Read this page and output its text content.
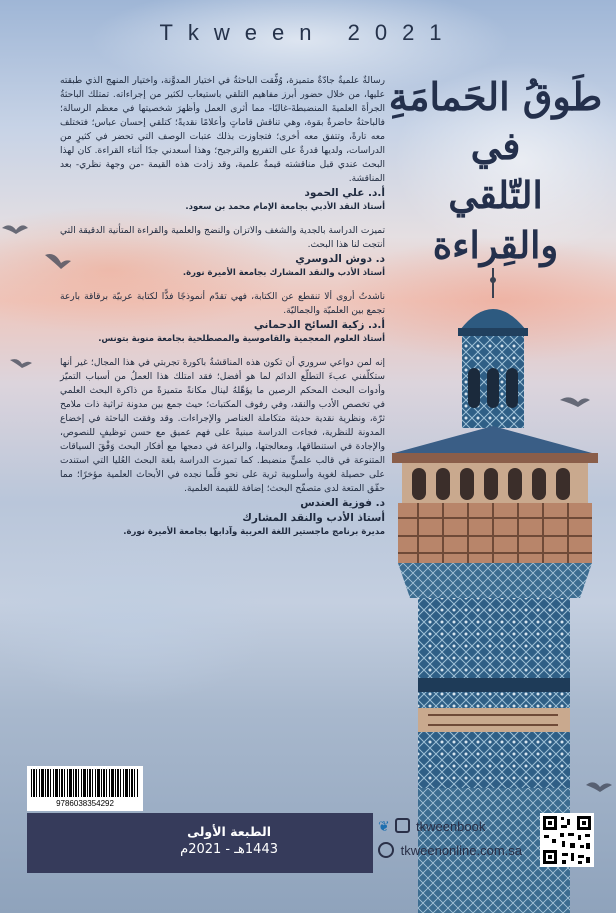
Tkween 2021
طَوقُ الحَمامَةِ
في
التّلقي والقِراءة

رسالةٌ علميةٌ جادّةٌ متميزة، وُفِّقت الباحثةُ في اختيار المدوَّنة، واختيار المنهج الذي طبقته عليها، من خلال حضور أبرز مفاهيم التلقي باستيعاب لكثير من إجراءاته. تمتلك الباحثةُ الجرأةَ العلميةَ المنضبطةَ-غالبًا- مما أثرى العمل وأظهرَ شخصيتها في معظم الرسالة؛ فالباحثةُ حاضرةٌ بقوة، وهي تناقش قاماتٍ وأعلامًا نقديةً؛ كتلقي إحسان عباس؛ فتختلف معه تارةً، وتتفق معه أخرى؛ فتجاوزت بذلك عتبات الوصف التي تحضر في كثيرٍ من الدراسات، ولديها قدرةٌ على التفريع والترجيح؛ وهذا أسعدني جدًا أثناء القراءة. كان لهذا البحث عندي قبل مناقشته قيمةٌ علمية، وقد زادت هذه القيمة -من وجهة نظري- بعد المناقشة.

أ.د. علي الحمود

أستاذ النقد الأدبي بجامعة الإمام محمد بن سعود.

تميزت الدراسة بالجدية والشغف والاتزان والنضج والعلمية والقراءة المتأنية الدقيقة التي أنتجت لنا هذا البحث.

د. دوش الدوسري

أستاذ الأدب والنقد المشارك بجامعة الأميرة نورة.

ناشدتُ أروى ألا تنقطع عن الكتابة، فهي تقدّم أنموذجًا فذًّا لكتابة عربيّة برقاقة بارعة تجمع بين العلميّة والجماليّة.

أ.د. زكية السائح الدحماني

أستاذ العلوم المعجمية والقاموسية والمصطلحية بجامعة منوبة بتونس.

إنه لمن دواعي سروري أن تكون هذه المناقشةُ باكورةَ تجربتي في هذا المجال؛ غير أنها ستكلّفني عبءَ التطلّع الدائم لما هو أفضل؛ فقد امتلك هذا العملُ من أسباب التميّز وأدوات البحث المحكم الرصين ما يؤهّلهُ لينال مكانةً متميزةً من ذاكرة البحث العلمي في تخصص الأدب والنقد، وفي رفوف المكتبات؛ حيث جمع بين مدونة تراثية ذات ملامح ثرّة، ونظرية نقدية حديثة متكاملة العناصر والإجراءات. وقد وفقت الباحثة في إخضاع المدونة للنظرية، فجاءت الدراسة مبنيةً على فهم عميق مع حسن توظيفٍ للنصوص، والإجادة في استنطاقها، ومعالجتها، والبراعة في دمجها مع أفكار البحث وَفْقَ السياقات المتنوعة في قالب علميٍّ منضبط. كما تميزت الدراسة بلغة البحث العُليا التي استندت على حصيلة لغوية وأسلوبية ثرية على نحو قلّما نجده في الأبحاث العلمية مؤخرًا؛ مما حقّق المتعة لدى متصفّح البحث؛ إضافة للقيمة العلمية.

د. فوزية العندس

أستاذ الأدب والنقد المشارك

مديرة برنامج ماجستير اللغة العربية وآدابها بجامعة الأميرة نورة.

9786038354292
الطبعة الأولى
1443هـ - 2021م
❦ tkweenbook
tkweenonline.com.sa
